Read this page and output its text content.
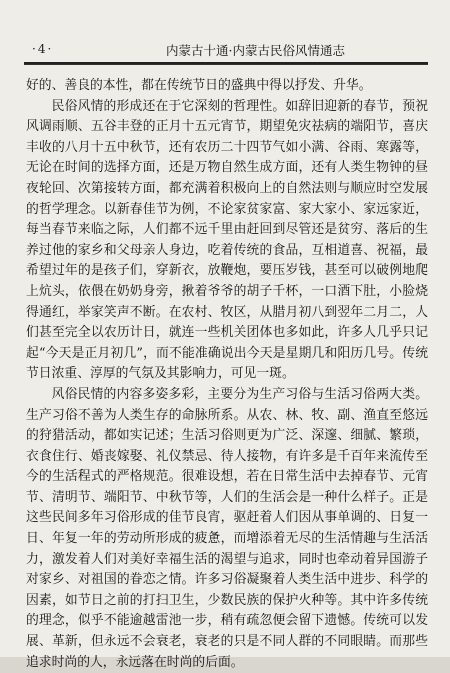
·4·	内蒙古十通·内蒙古民俗风情通志

好的、善良的本性，都在传统节日的盛典中得以抒发、升华。

民俗风情的形成还在于它深刻的哲理性。如辞旧迎新的春节，预祝风调雨顺、五谷丰登的正月十五元宵节，期望免灾祛病的端阳节，喜庆丰收的八月十五中秋节，还有农历二十四节气如小满、谷雨、寒露等，无论在时间的选择方面，还是万物自然生成方面，还有人类生物钟的昼夜轮回、次第接转方面，都充满着积极向上的自然法则与顺应时空发展的哲学理念。以新春佳节为例，不论家贫家富、家大家小、家远家近，每当春节来临之际，人们都不远千里由赶回到尽管还是贫穷、落后的生养过他的家乡和父母亲人身边，吃着传统的食品，互相道喜、祝福，最希望过年的是孩子们，穿新衣，放鞭炮，要压岁钱，甚至可以破例地爬上炕头，依偎在奶奶身旁，揪着爷爷的胡子千杯，一口酒下肚，小脸烧得通红，举家笑声不断。在农村、牧区，从腊月初八到翌年二月二，人们甚至完全以农历计日，就连一些机关团体也多如此，许多人几乎只记起“今天是正月初几”，而不能准确说出今天是星期几和阳历几号。传统节日浓重、淳厚的气氛及其影响力，可见一斑。

风俗民情的内容多姿多彩，主要分为生产习俗与生活习俗两大类。生产习俗不善为人类生存的命脉所系。从农、林、牧、副、渔直至悠远的狩猎活动，都如实记述；生活习俗则更为广泛、深邃、细腻、繁琐，衣食住行、婚丧嫁娶、礼仪禁忌、待人接物，有许多是千百年来流传至今的生活程式的严格规范。很难设想，若在日常生活中去掉春节、元宵节、清明节、端阳节、中秋节等，人们的生活会是一种什么样子。正是这些民间多年习俗形成的佳节良宵，驱赶着人们因从事单调的、日复一日、年复一年的劳动所形成的疲惫，而增添着无尽的生活情趣与生活活力，激发着人们对美好幸福生活的渴望与追求，同时也牵动着异国游子对家乡、对祖国的眷恋之情。许多习俗凝聚着人类生活中进步、科学的因素，如节日之前的打扫卫生，少数民族的保护火种等。其中许多传统的理念，似乎不能逾越雷池一步，稍有疏忽便会留下遗憾。传统可以发展、革新，但永远不会衰老，衰老的只是不同人群的不同眼睛。而那些追求时尚的人，永远落在时尚的后面。
